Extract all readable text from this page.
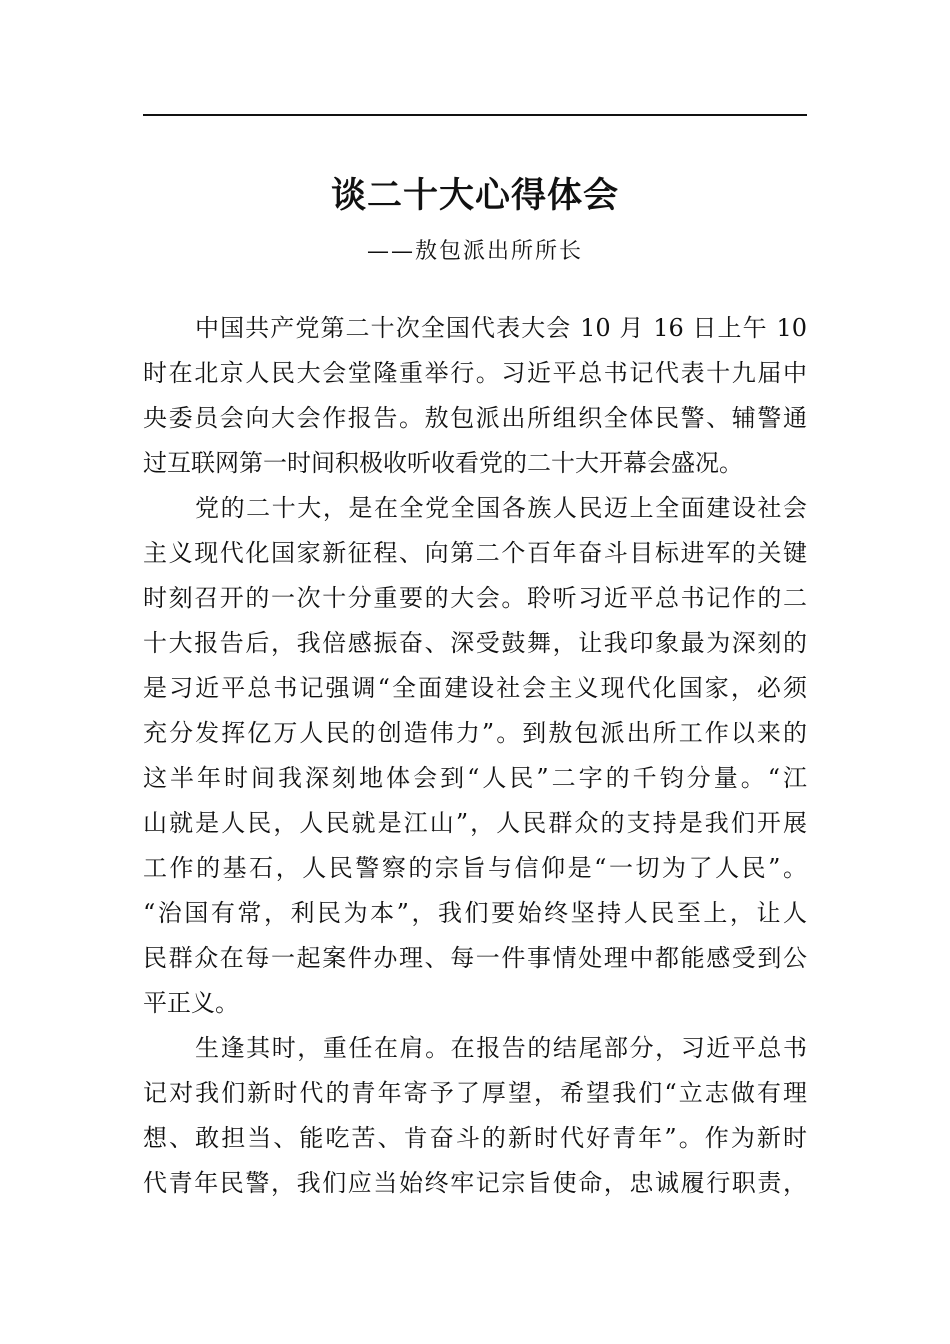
谈二十大心得体会
——敖包派出所所长
中国共产党第二十次全国代表大会 10 月 16 日上午 10
时在北京人民大会堂隆重举行。习近平总书记代表十九届中
央委员会向大会作报告。敖包派出所组织全体民警、辅警通
过互联网第一时间积极收听收看党的二十大开幕会盛况。
党的二十大，是在全党全国各族人民迈上全面建设社会
主义现代化国家新征程、向第二个百年奋斗目标进军的关键
时刻召开的一次十分重要的大会。聆听习近平总书记作的二
十大报告后，我倍感振奋、深受鼓舞，让我印象最为深刻的
是习近平总书记强调“全面建设社会主义现代化国家，必须
充分发挥亿万人民的创造伟力”。到敖包派出所工作以来的
这半年时间我深刻地体会到“人民”二字的千钧分量。“江
山就是人民，人民就是江山”，人民群众的支持是我们开展
工作的基石，人民警察的宗旨与信仰是“一切为了人民”。
“治国有常，利民为本”，我们要始终坚持人民至上，让人
民群众在每一起案件办理、每一件事情处理中都能感受到公
平正义。
生逢其时，重任在肩。在报告的结尾部分，习近平总书
记对我们新时代的青年寄予了厚望，希望我们“立志做有理
想、敢担当、能吃苦、肯奋斗的新时代好青年”。作为新时
代青年民警，我们应当始终牢记宗旨使命，忠诚履行职责，
